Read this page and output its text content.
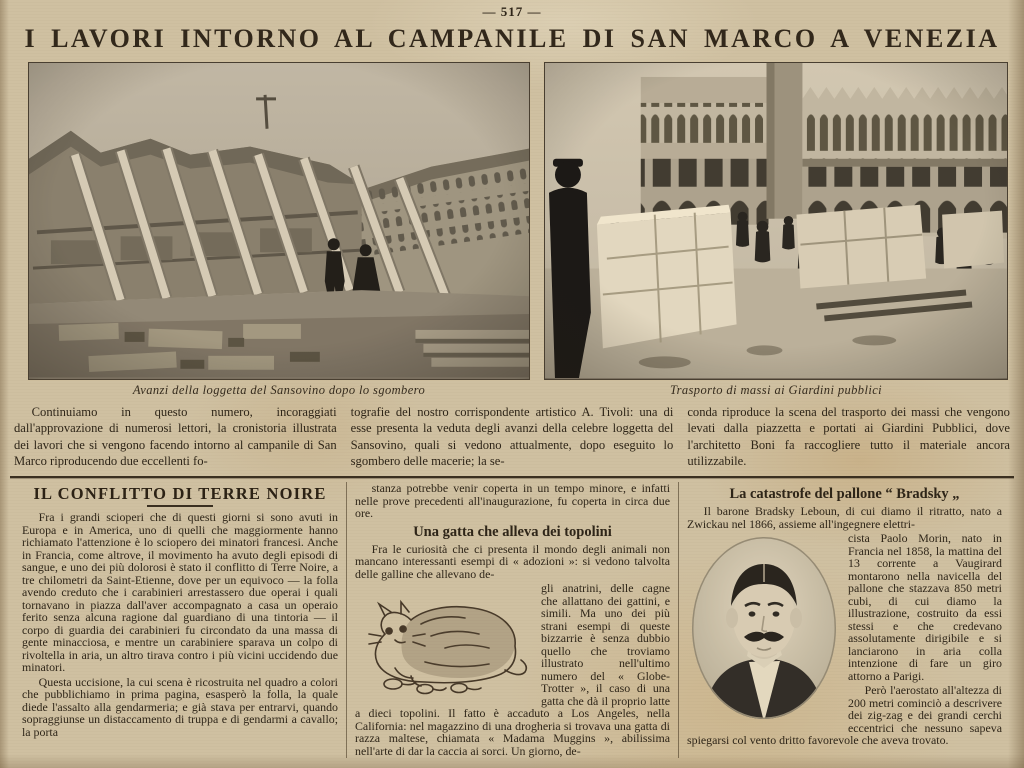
— 517 —
I LAVORI INTORNO AL CAMPANILE DI SAN MARCO A VENEZIA
Avanzi della loggetta del Sansovino dopo lo sgombero	Trasporto di massi ai Giardini pubblici

Continuiamo in questo numero, incoraggiati dall'approvazione di numerosi lettori, la cronistoria illustrata dei lavori che si vengono facendo intorno al campanile di San Marco riproducendo due eccellenti fo-

tografie del nostro corrispondente artistico A. Tivoli: una di esse presenta la veduta degli avanzi della celebre loggetta del Sansovino, quali si vedono attualmente, dopo eseguito lo sgombero delle macerie; la se-

conda riproduce la scena del trasporto dei massi che vengono levati dalla piazzetta e portati ai Giardini Pubblici, dove l'architetto Boni fa raccogliere tutto il materiale ancora utilizzabile.

IL CONFLITTO DI TERRE NOIRE

Fra i grandi scioperi che di questi giorni si sono avuti in Europa e in America, uno di quelli che maggiormente hanno richiamato l'attenzione è lo sciopero dei minatori francesi. Anche in Francia, come altrove, il movimento ha avuto degli episodi di sangue, e uno dei più dolorosi è stato il conflitto di Terre Noire, a tre chilometri da Saint-Etienne, dove per un equivoco — la folla avendo creduto che i carabinieri arrestassero due operai i quali tornavano in piazza dall'aver accompagnato a casa un operaio ferito senza alcuna ragione dal guardiano di una tintoria — il corpo di guardia dei carabinieri fu circondato da una massa di gente minacciosa, e mentre un carabiniere sparava un colpo di rivoltella in aria, un altro tirava contro i più vicini uccidendo due minatori.

Questa uccisione, la cui scena è ricostruita nel quadro a colori che pubblichiamo in prima pagina, esasperò la folla, la quale diede l'assalto alla gendarmeria; e già stava per entrarvi, quando sopraggiunse un distaccamento di truppa e di gendarmi a cavallo; la porta

stanza potrebbe venir coperta in un tempo minore, e infatti nelle prove precedenti all'inaugurazione, fu coperta in circa due ore.

Una gatta che alleva dei topolini

Fra le curiosità che ci presenta il mondo degli animali non mancano interessanti esempi di « adozioni »: si vedono talvolta delle galline che allevano de-

gli anatrini, delle cagne che allattano dei gattini, e simili. Ma uno dei più strani esempi di queste bizzarrie è senza dubbio quello che troviamo illustrato nell'ultimo numero del « Globe-Trotter », il caso di una gatta che dà il proprio latte a dieci topolini. Il fatto è accaduto a Los Angeles, nella California: nel magazzino di una drogheria si trovava una gatta di razza maltese, chiamata « Madama Muggins », abilissima nell'arte di dar la caccia ai sorci. Un giorno, de-

La catastrofe del pallone “ Bradsky „

Il barone Bradsky Leboun, di cui diamo il ritratto, nato a Zwickau nel 1866, assieme all'ingegnere elettri-

cista Paolo Morin, nato in Francia nel 1858, la mattina del 13 corrente a Vaugirard montarono nella navicella del pallone che stazzava 850 metri cubi, di cui diamo la illustrazione, costruito da essi stessi e che credevano assolutamente dirigibile e si lanciarono in aria colla intenzione di fare un giro attorno a Parigi.

Però l'aerostato all'altezza di 200 metri cominciò a descrivere dei zig-zag e dei grandi cerchi eccentrici che nessuno sapeva spiegarsi col vento dritto favorevole che aveva trovato.
